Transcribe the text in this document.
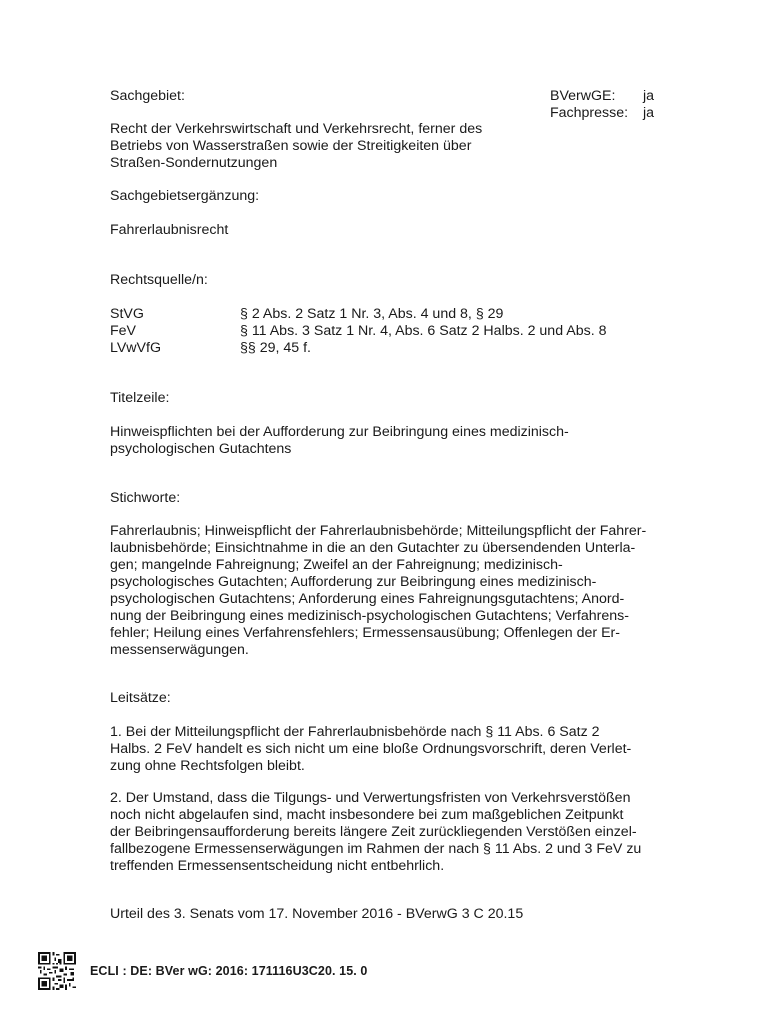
Sachgebiet:	BVerwGE: ja
Fachpresse: ja
Recht der Verkehrswirtschaft und Verkehrsrecht, ferner des
Betriebs von Wasserstraßen sowie der Streitigkeiten über
Straßen-Sondernutzungen
Sachgebietsergänzung:
Fahrerlaubnisrecht
Rechtsquelle/n:
StVG	§ 2 Abs. 2 Satz 1 Nr. 3, Abs. 4 und 8, § 29
FeV	§ 11 Abs. 3 Satz 1 Nr. 4, Abs. 6 Satz 2 Halbs. 2 und Abs. 8
LVwVfG	§§ 29, 45 f.
Titelzeile:
Hinweispflichten bei der Aufforderung zur Beibringung eines medizinisch-
psychologischen Gutachtens
Stichworte:
Fahrerlaubnis; Hinweispflicht der Fahrerlaubnisbehörde; Mitteilungspflicht der Fahrer-
laubnisbehörde; Einsichtnahme in die an den Gutachter zu übersendenden Unterla-
gen; mangelnde Fahreignung; Zweifel an der Fahreignung; medizinisch-
psychologisches Gutachten; Aufforderung zur Beibringung eines medizinisch-
psychologischen Gutachtens; Anforderung eines Fahreignungsgutachtens; Anord-
nung der Beibringung eines medizinisch-psychologischen Gutachtens; Verfahrens-
fehler; Heilung eines Verfahrensfehlers; Ermessensausübung; Offenlegen der Er-
messenserwägungen.
Leitsätze:
1. Bei der Mitteilungspflicht der Fahrerlaubnisbehörde nach § 11 Abs. 6 Satz 2
Halbs. 2 FeV handelt es sich nicht um eine bloße Ordnungsvorschrift, deren Verlet-
zung ohne Rechtsfolgen bleibt.
2. Der Umstand, dass die Tilgungs- und Verwertungsfristen von Verkehrsverstößen
noch nicht abgelaufen sind, macht insbesondere bei zum maßgeblichen Zeitpunkt
der Beibringensaufforderung bereits längere Zeit zurückliegenden Verstößen einzel-
fallbezogene Ermessenserwägungen im Rahmen der nach § 11 Abs. 2 und 3 FeV zu
treffenden Ermessensentscheidung nicht entbehrlich.
Urteil des 3. Senats vom 17. November 2016 - BVerwG 3 C 20.15
ECLI : DE: BVer wG: 2016: 171116U3C20. 15. 0
